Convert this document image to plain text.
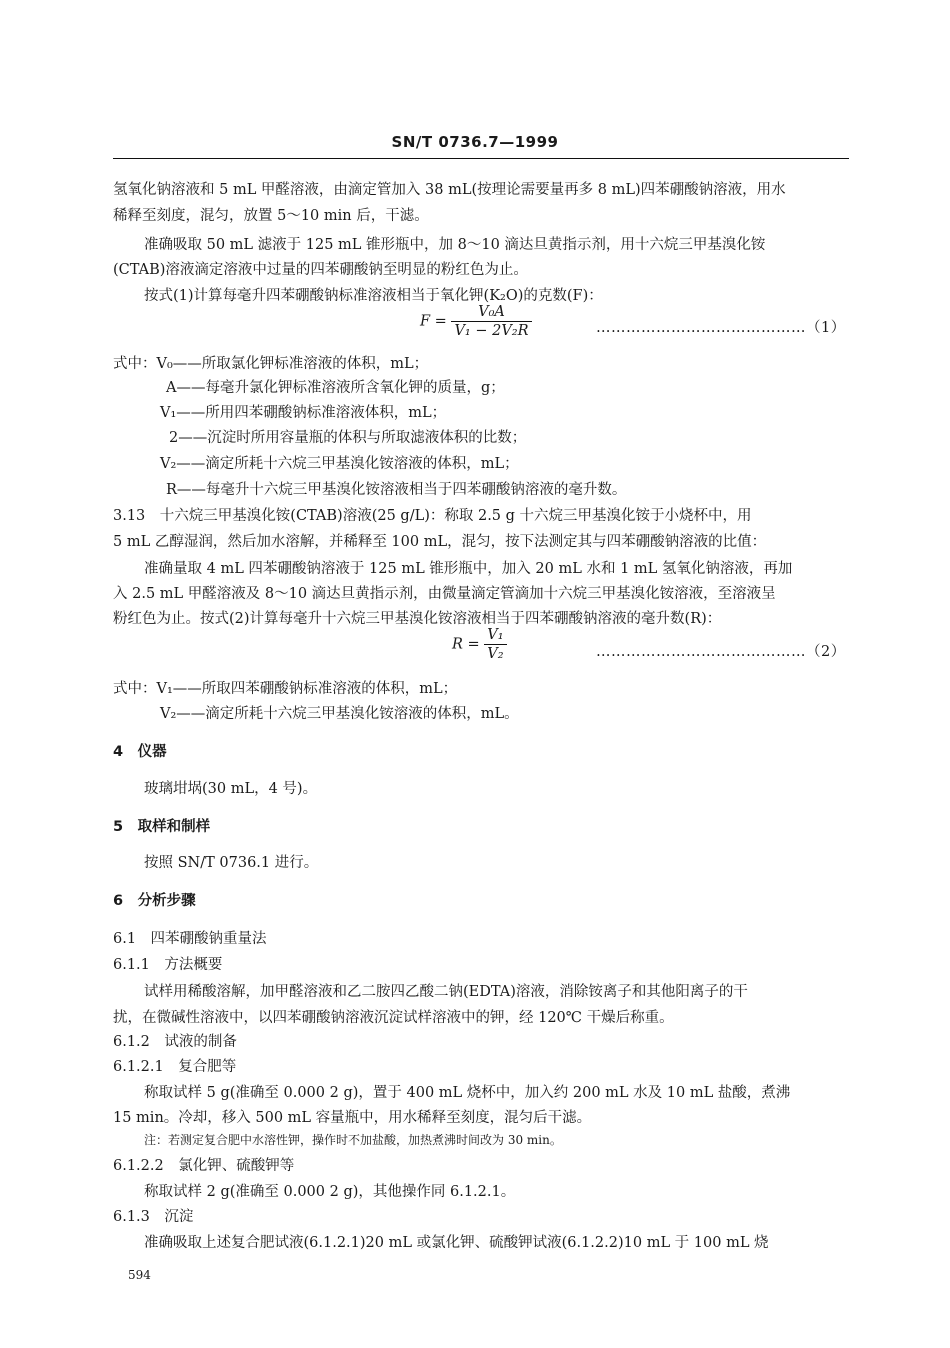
SN/T 0736.7—1999
氢氧化钠溶液和 5 mL 甲醛溶液，由滴定管加入 38 mL(按理论需要量再多 8 mL)四苯硼酸钠溶液，用水
稀释至刻度，混匀，放置 5～10 min 后，干滤。
准确吸取 50 mL 滤液于 125 mL 锥形瓶中，加 8～10 滴达旦黄指示剂，用十六烷三甲基溴化铵
(CTAB)溶液滴定溶液中过量的四苯硼酸钠至明显的粉红色为止。
按式(1)计算每毫升四苯硼酸钠标准溶液相当于氧化钾(K₂O)的克数(F)：
$F = \frac{\text{V₀A}}{\text{V₁ − 2V₂R}}$	……………………………………（1）
式中：V₀——所取氯化钾标准溶液的体积，mL；
A——每毫升氯化钾标准溶液所含氧化钾的质量，g；
V₁——所用四苯硼酸钠标准溶液体积，mL；
2——沉淀时所用容量瓶的体积与所取滤液体积的比数；
V₂——滴定所耗十六烷三甲基溴化铵溶液的体积，mL；
R——每毫升十六烷三甲基溴化铵溶液相当于四苯硼酸钠溶液的毫升数。
3.13　十六烷三甲基溴化铵(CTAB)溶液(25 g/L)：称取 2.5 g 十六烷三甲基溴化铵于小烧杯中，用
5 mL 乙醇湿润，然后加水溶解，并稀释至 100 mL，混匀，按下法测定其与四苯硼酸钠溶液的比值：
准确量取 4 mL 四苯硼酸钠溶液于 125 mL 锥形瓶中，加入 20 mL 水和 1 mL 氢氧化钠溶液，再加
入 2.5 mL 甲醛溶液及 8～10 滴达旦黄指示剂，由微量滴定管滴加十六烷三甲基溴化铵溶液，至溶液呈
粉红色为止。按式(2)计算每毫升十六烷三甲基溴化铵溶液相当于四苯硼酸钠溶液的毫升数(R)：
$R = \frac{\text{V₁}}{\text{V₂}}$	……………………………………（2）
式中：V₁——所取四苯硼酸钠标准溶液的体积，mL；
V₂——滴定所耗十六烷三甲基溴化铵溶液的体积，mL。
4　仪器
玻璃坩埚(30 mL，4 号)。
5　取样和制样
按照 SN/T 0736.1 进行。
6　分析步骤
6.1　四苯硼酸钠重量法
6.1.1　方法概要
试样用稀酸溶解，加甲醛溶液和乙二胺四乙酸二钠(EDTA)溶液，消除铵离子和其他阳离子的干
扰，在微碱性溶液中，以四苯硼酸钠溶液沉淀试样溶液中的钾，经 120℃ 干燥后称重。
6.1.2　试液的制备
6.1.2.1　复合肥等
称取试样 5 g(准确至 0.000 2 g)，置于 400 mL 烧杯中，加入约 200 mL 水及 10 mL 盐酸，煮沸
15 min。冷却，移入 500 mL 容量瓶中，用水稀释至刻度，混匀后干滤。
注：若测定复合肥中水溶性钾，操作时不加盐酸，加热煮沸时间改为 30 min。
6.1.2.2　氯化钾、硫酸钾等
称取试样 2 g(准确至 0.000 2 g)，其他操作同 6.1.2.1。
6.1.3　沉淀
准确吸取上述复合肥试液(6.1.2.1)20 mL 或氯化钾、硫酸钾试液(6.1.2.2)10 mL 于 100 mL 烧
594
